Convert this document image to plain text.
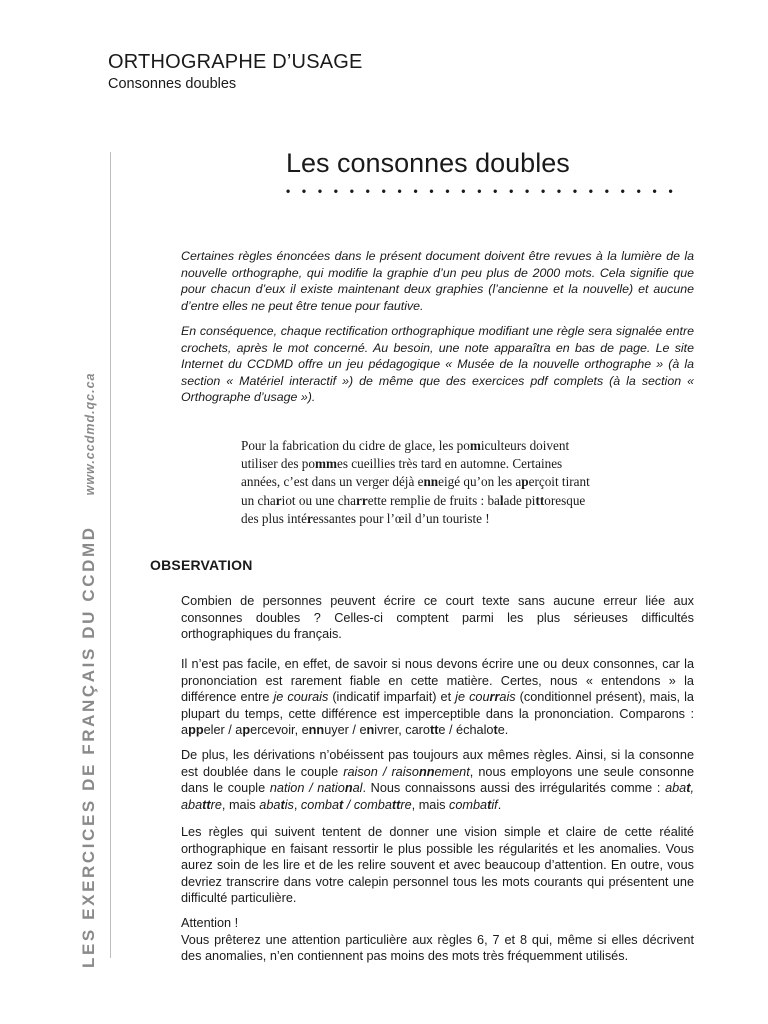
ORTHOGRAPHE D’USAGE
Consonnes doubles
LES EXERCICES DE FRANÇAIS DU CCDMDwww.ccdmd.qc.ca
Les consonnes doubles
• • • • • • • • • • • • • • • • • • • • • • • • •

Certaines règles énoncées dans le présent document doivent être revues à la lumière de la nouvelle orthographe, qui modifie la graphie d’un peu plus de 2000 mots. Cela signifie que pour chacun d’eux il existe maintenant deux graphies (l’ancienne et la nouvelle) et aucune d’entre elles ne peut être tenue pour fautive.

En conséquence, chaque rectification orthographique modifiant une règle sera signalée entre crochets, après le mot concerné. Au besoin, une note apparaîtra en bas de page. Le site Internet du CCDMD offre un jeu pédagogique « Musée de la nouvelle orthographe » (à la section « Matériel interactif ») de même que des exercices pdf complets (à la section « Orthographe d’usage »).

Pour la fabrication du cidre de glace, les pomiculteurs doivent utiliser des pommes cueillies très tard en automne. Certaines années, c’est dans un verger déjà enneigé qu’on les aperçoit tirant un chariot ou une charrette remplie de fruits : balade pittoresque des plus intéressantes pour l’œil d’un touriste !

OBSERVATION

Combien de personnes peuvent écrire ce court texte sans aucune erreur liée aux consonnes doubles ? Celles-ci comptent parmi les plus sérieuses difficultés orthographiques du français.

Il n’est pas facile, en effet, de savoir si nous devons écrire une ou deux consonnes, car la prononciation est rarement fiable en cette matière. Certes, nous « entendons » la différence entre je courais (indicatif imparfait) et je courrais (conditionnel présent), mais, la plupart du temps, cette différence est imperceptible dans la prononciation. Comparons : appeler / apercevoir, ennuyer / enivrer, carotte / échalote.

De plus, les dérivations n’obéissent pas toujours aux mêmes règles. Ainsi, si la consonne est doublée dans le couple raison / raisonnement, nous employons une seule consonne dans le couple nation / national. Nous connaissons aussi des irrégularités comme : abat, abattre, mais abatis, combat / combattre, mais combatif.

Les règles qui suivent tentent de donner une vision simple et claire de cette réalité orthographique en faisant ressortir le plus possible les régularités et les anomalies. Vous aurez soin de les lire et de les relire souvent et avec beaucoup d’attention. En outre, vous devriez transcrire dans votre calepin personnel tous les mots courants qui présentent une difficulté particulière.

Attention !
Vous prêterez une attention particulière aux règles 6, 7 et 8 qui, même si elles décrivent des anomalies, n’en contiennent pas moins des mots très fréquemment utilisés.
